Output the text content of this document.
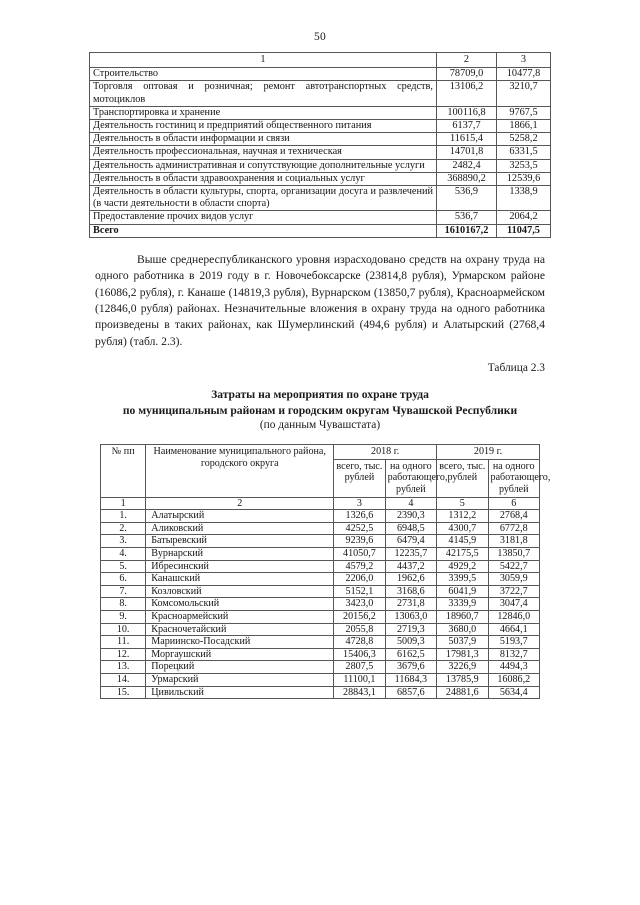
50
1	2	3
Строительство	78709,0	10477,8
Торговля оптовая и розничная; ремонт автотранспортных средств, мотоциклов	13106,2	3210,7
Транспортировка и хранение	100116,8	9767,5
Деятельность гостиниц и предприятий общественного питания	6137,7	1866,1
Деятельность в области информации и связи	11615,4	5258,2
Деятельность профессиональная, научная и техническая	14701,8	6331,5
Деятельность административная и сопутствующие дополнительные услуги	2482,4	3253,5
Деятельность в области здравоохранения и социальных услуг	368890,2	12539,6
Деятельность в области культуры, спорта, организации досуга и развлечений (в части деятельности в области спорта)	536,9	1338,9
Предоставление прочих видов услуг	536,7	2064,2
Всего	1610167,2	11047,5

Выше среднереспубликанского уровня израсходовано средств на охрану труда на одного работника в 2019 году в г. Новочебоксарске (23814,8 рубля), Урмарском районе (16086,2 рубля), г. Канаше (14819,3 рубля), Вурнарском (13850,7 рубля), Красноармейском (12846,0 рубля) районах. Незначительные вложения в охрану труда на одного работника произведены в таких районах, как Шумерлинский (494,6 рубля) и Алатырский (2768,4 рубля) (табл. 2.3).

Таблица 2.3
Затраты на мероприятия по охране труда
по муниципальным районам и городским округам Чувашской Республики
(по данным Чувашстата)
№ пп	Наименование муниципального района, городского округа	2018 г.		2019 г.	
		всего, тыс. рублей	на одного работающего, рублей	всего, тыс. рублей	на одного работающего, рублей
1	2	3	4	5	6
1.	Алатырский	1326,6	2390,3	1312,2	2768,4
2.	Аликовский	4252,5	6948,5	4300,7	6772,8
3.	Батыревский	9239,6	6479,4	4145,9	3181,8
4.	Вурнарский	41050,7	12235,7	42175,5	13850,7
5.	Ибресинский	4579,2	4437,2	4929,2	5422,7
6.	Канашский	2206,0	1962,6	3399,5	3059,9
7.	Козловский	5152,1	3168,6	6041,9	3722,7
8.	Комсомольский	3423,0	2731,8	3339,9	3047,4
9.	Красноармейский	20156,2	13063,0	18960,7	12846,0
10.	Красночетайский	2055,8	2719,3	3680,0	4664,1
11.	Мариинско-Посадский	4728,8	5009,3	5037,9	5193,7
12.	Моргаушский	15406,3	6162,5	17981,3	8132,7
13.	Порецкий	2807,5	3679,6	3226,9	4494,3
14.	Урмарский	11100,1	11684,3	13785,9	16086,2
15.	Цивильский	28843,1	6857,6	24881,6	5634,4
